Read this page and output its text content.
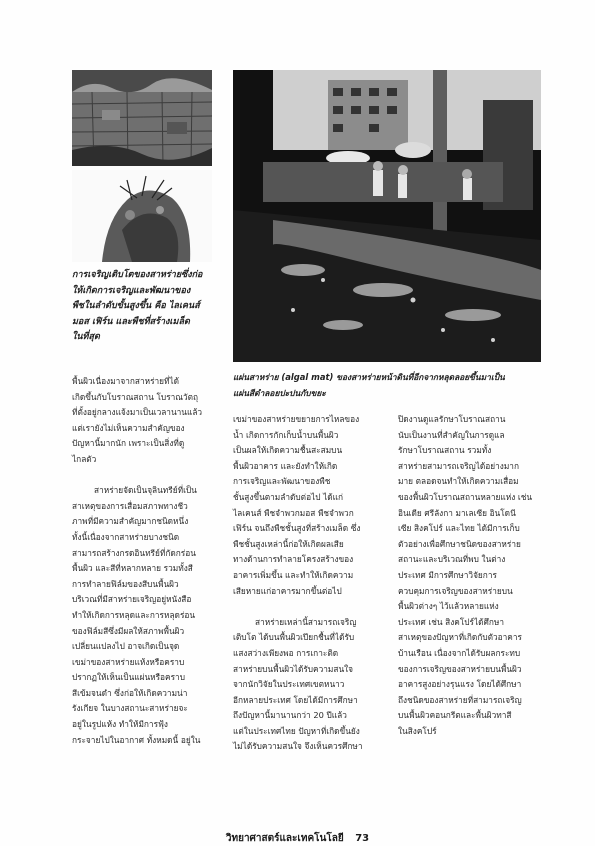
การเจริญเติบโตของสาหร่ายซึ่งก่อ

ให้เกิดการเจริญและพัฒนาของ

พืชในลำดับขั้นสูงขึ้น คือ ไลเคนส์

มอส เฟิร์น และพืชที่สร้างเมล็ด

ในที่สุด

แผ่นสาหร่าย (algal mat) ของสาหร่ายหน้าดินที่อีกจากหลุดลอยขึ้นมาเป็น

แผ่นสีดำลอยปะปนกับขยะ

พื้นผิวเนื่องมาจากสาหร่ายที่ได้

เกิดขึ้นกับโบราณสถาน โบราณวัตถุ

ที่ตั้งอยู่กลางแจ้งมาเป็นเวลานานแล้ว

แต่เรายังไม่เห็นความสำคัญของ

ปัญหานี้มากนัก เพราะเป็นสิ่งที่ดู

ไกลตัว

สาหร่ายจัดเป็นจุลินทรีย์ที่เป็น

สาเหตุของการเสื่อมสภาพทางชีว

ภาพที่มีความสำคัญมากชนิดหนึ่ง

ทั้งนี้เนื่องจากสาหร่ายบางชนิด

สามารถสร้างกรดอินทรีย์ที่กัดกร่อน

พื้นผิว และสีที่หลากหลาย รวมทั้งสี

การทำลายฟิล์มของสีบนพื้นผิว

บริเวณที่มีสาหร่ายเจริญอยู่หนังสือ

ทำให้เกิดการหลุดและการหลุดร่อน

ของฟิล์มสีซึ่งมีผลให้สภาพพื้นผิว

เปลี่ยนแปลงไป อาจเกิดเป็นจุด

เขม่าของสาหร่ายแห้งหรือคราบ

ปรากฏให้เห็นเป็นแผ่นหรือคราบ

สีเข้มจนดำ ซึ่งก่อให้เกิดความน่า

รังเกียจ ในบางสถานะสาหร่ายจะ

อยู่ในรูปแห้ง ทำให้มีการฟุ้ง

กระจายไปในอากาศ ทั้งหมดนี้ อยู่ใน

เขม่าของสาหร่ายขยายการไหลของ

น้ำ เกิดการกักเก็บน้ำบนพื้นผิว

เป็นผลให้เกิดความชื้นสะสมบน

พื้นผิวอาคาร และยังทำให้เกิด

การเจริญและพัฒนาของพืช

ชั้นสูงขึ้นตามลำดับต่อไป ได้แก่

ไลเคนส์ พืชจำพวกมอส พืชจำพวก

เฟิร์น จนถึงพืชชั้นสูงที่สร้างเมล็ด ซึ่ง

พืชชั้นสูงเหล่านี้ก่อให้เกิดผลเสีย

ทางด้านการทำลายโครงสร้างของ

อาคารเพิ่มขึ้น และทำให้เกิดความ

เสียหายแก่อาคารมากขึ้นต่อไป

สาหร่ายเหล่านี้สามารถเจริญ

เติบโต ได้บนพื้นผิวเปียกชื้นที่ได้รับ

แสงสว่างเพียงพอ การเกาะติด

สาหร่ายบนพื้นผิวได้รับความสนใจ

จากนักวิจัยในประเทศเขตหนาว

อีกหลายประเทศ โดยได้มีการศึกษา

ถึงปัญหานี้มานานกว่า 20 ปีแล้ว

แต่ในประเทศไทย ปัญหาที่เกิดขึ้นยัง

ไม่ได้รับความสนใจ จึงเห็นควรศึกษา

ปิดงานดูแลรักษาโบราณสถาน

นับเป็นงานที่สำคัญในการดูแล

รักษาโบราณสถาน รวมทั้ง

สาหร่ายสามารถเจริญได้อย่างมาก

มาย ตลอดจนทำให้เกิดความเสื่อม

ของพื้นผิวโบราณสถานหลายแห่ง เช่น

อินเดีย ศรีลังกา มาเลเซีย อินโดนี

เซีย สิงคโปร์ และไทย ได้มีการเก็บ

ตัวอย่างเพื่อศึกษาชนิดของสาหร่าย

สถานะและบริเวณที่พบ ในต่าง

ประเทศ มีการศึกษาวิจัยการ

ควบคุมการเจริญของสาหร่ายบน

พื้นผิวต่างๆ ไว้แล้วหลายแห่ง

ประเทศ เช่น สิงคโปร์ได้ศึกษา

สาเหตุของปัญหาที่เกิดกับตัวอาคาร

บ้านเรือน เนื่องจากได้รับผลกระทบ

ของการเจริญของสาหร่ายบนพื้นผิว

อาคารสูงอย่างรุนแรง โดยได้ศึกษา

ถึงชนิดของสาหร่ายที่สามารถเจริญ

บนพื้นผิวคอนกรีตและพื้นผิวทาสี

ในสิงคโปร์

วิทยาศาสตร์และเทคโนโลยี 73
